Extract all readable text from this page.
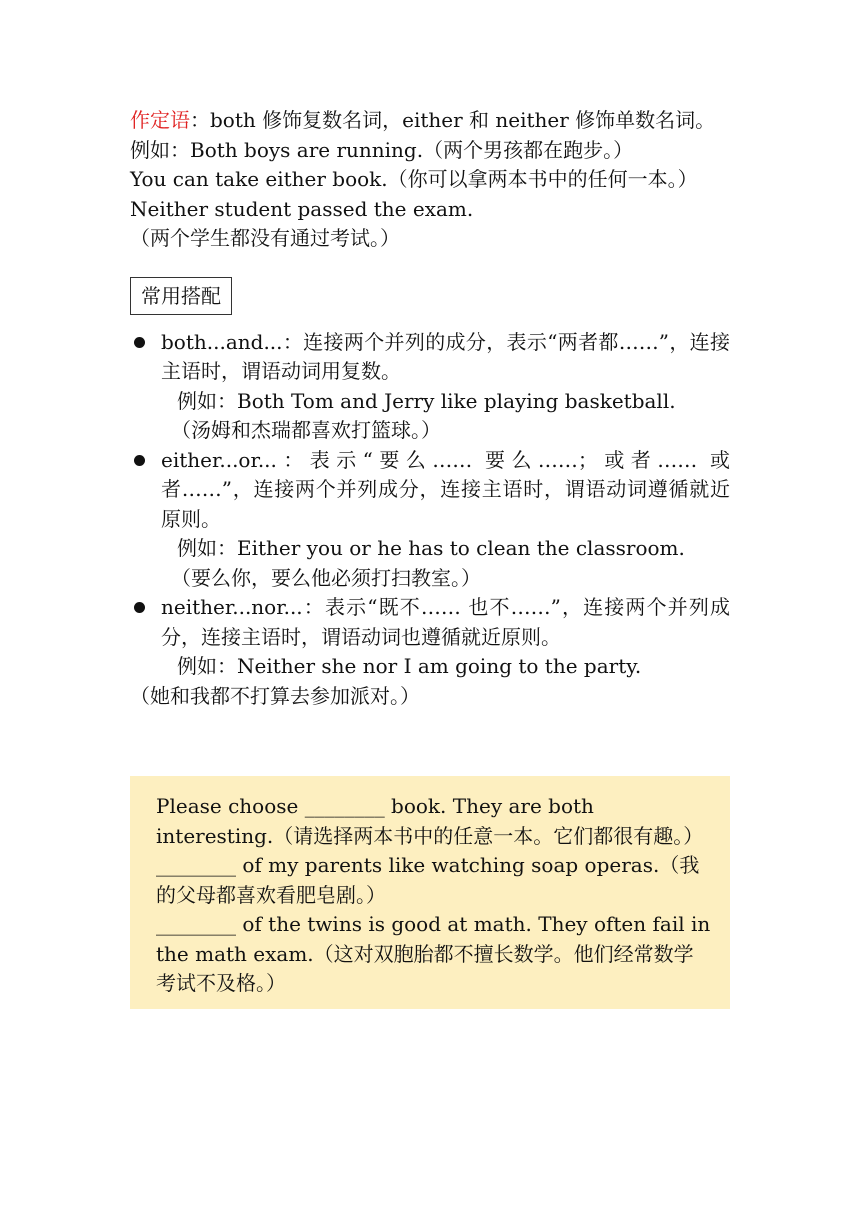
作定语：both 修饰复数名词，either 和 neither 修饰单数名词。

例如：Both boys are running.（两个男孩都在跑步。）

You can take either book.（你可以拿两本书中的任何一本。）

Neither student passed the exam.

（两个学生都没有通过考试。）

常用搭配

both...and...：连接两个并列的成分，表示“两者都……”，连接主语时，谓语动词用复数。

例如：Both Tom and Jerry like playing basketball.

（汤姆和杰瑞都喜欢打篮球。）

either...or...：表示“要么…… 要么……；或者…… 或者……”，连接两个并列成分，连接主语时，谓语动词遵循就近原则。

例如：Either you or he has to clean the classroom.

（要么你，要么他必须打扫教室。）

neither...nor...：表示“既不…… 也不……”，连接两个并列成分，连接主语时，谓语动词也遵循就近原则。

例如：Neither she nor I am going to the party.

（她和我都不打算去参加派对。）

Please choose ________ book. They are both interesting.（请选择两本书中的任意一本。它们都很有趣。）

________ of my parents like watching soap operas.（我的父母都喜欢看肥皂剧。）

________ of the twins is good at math. They often fail in the math exam.（这对双胞胎都不擅长数学。他们经常数学考试不及格。）
